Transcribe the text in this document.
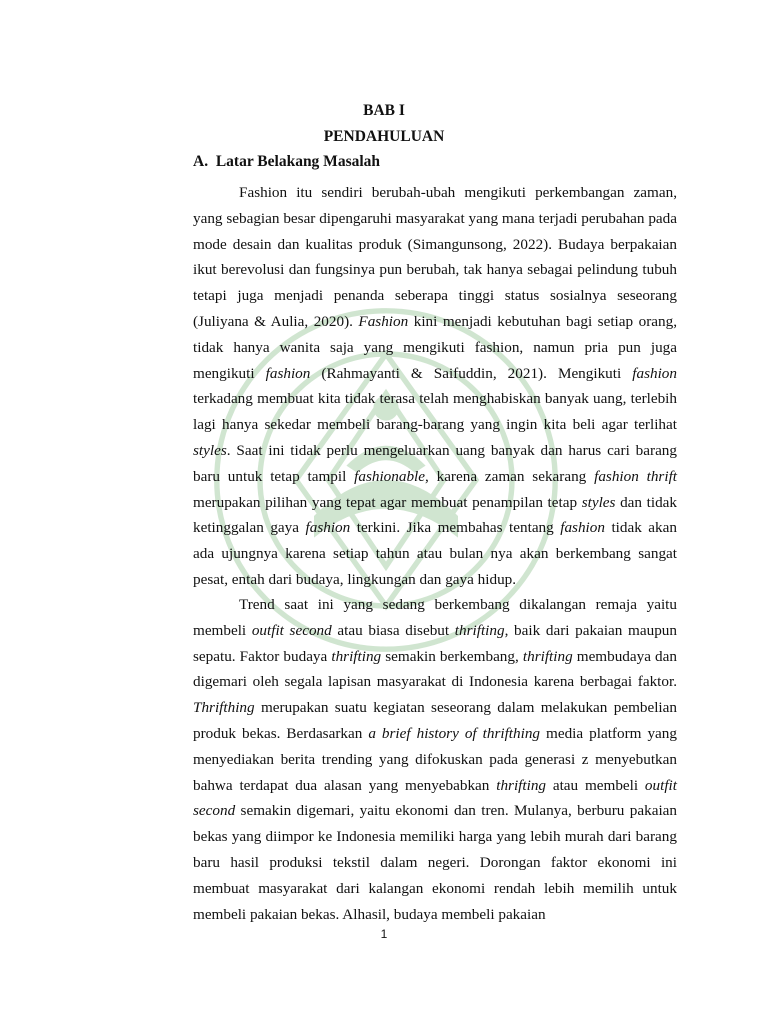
BAB I
PENDAHULUAN
A.  Latar Belakang Masalah

Fashion itu sendiri berubah-ubah mengikuti perkembangan zaman, yang sebagian besar dipengaruhi masyarakat yang mana terjadi perubahan pada mode desain dan kualitas produk (Simangunsong, 2022). Budaya berpakaian ikut berevolusi dan fungsinya pun berubah, tak hanya sebagai pelindung tubuh tetapi juga menjadi penanda seberapa tinggi status sosialnya seseorang (Juliyana & Aulia, 2020). Fashion kini menjadi kebutuhan bagi setiap orang, tidak hanya wanita saja yang mengikuti fashion, namun pria pun juga mengikuti fashion (Rahmayanti & Saifuddin, 2021). Mengikuti fashion terkadang membuat kita tidak terasa telah menghabiskan banyak uang, terlebih lagi hanya sekedar membeli barang-barang yang ingin kita beli agar terlihat styles. Saat ini tidak perlu mengeluarkan uang banyak dan harus cari barang baru untuk tetap tampil fashionable, karena zaman sekarang fashion thrift merupakan pilihan yang tepat agar membuat penampilan tetap styles dan tidak ketinggalan gaya fashion terkini. Jika membahas tentang fashion tidak akan ada ujungnya karena setiap tahun atau bulan nya akan berkembang sangat pesat, entah dari budaya, lingkungan dan gaya hidup.

Trend saat ini yang sedang berkembang dikalangan remaja yaitu membeli outfit second atau biasa disebut thrifting, baik dari pakaian maupun sepatu. Faktor budaya thrifting semakin berkembang, thrifting membudaya dan digemari oleh segala lapisan masyarakat di Indonesia karena berbagai faktor. Thrifthing merupakan suatu kegiatan seseorang dalam melakukan pembelian produk bekas. Berdasarkan a brief history of thrifthing media platform yang menyediakan berita trending yang difokuskan pada generasi z menyebutkan bahwa terdapat dua alasan yang menyebabkan thrifting atau membeli outfit second semakin digemari, yaitu ekonomi dan tren. Mulanya, berburu pakaian bekas yang diimpor ke Indonesia memiliki harga yang lebih murah dari barang baru hasil produksi tekstil dalam negeri. Dorongan faktor ekonomi ini membuat masyarakat dari kalangan ekonomi rendah lebih memilih untuk membeli pakaian bekas. Alhasil, budaya membeli pakaian

1
